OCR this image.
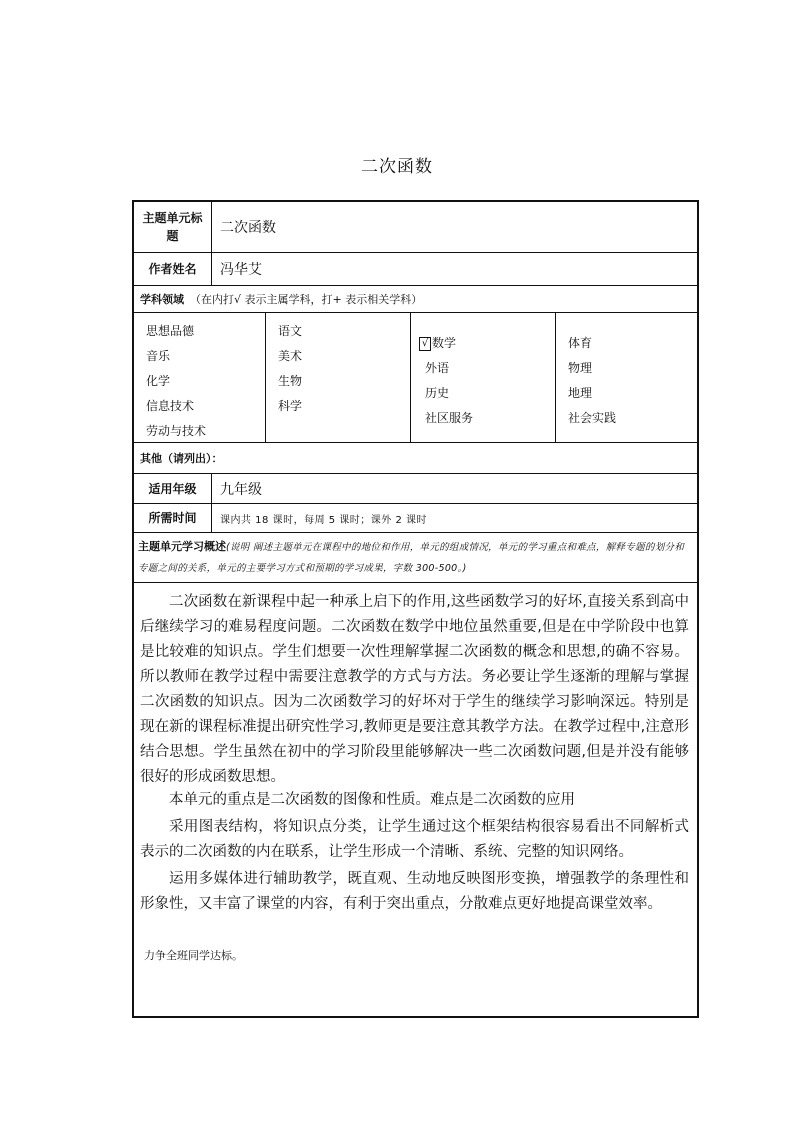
二次函数
主题单元标题	二次函数
作者姓名	冯华艾
学科领域 （在内打√ 表示主属学科，打+ 表示相关学科）
思想品德
音乐
化学
信息技术
劳动与技术
语文
美术
生物
科学
√ 数学
外语
历史
社区服务
体育
物理
地理
社会实践
其他（请列出）：
适用年级	九年级
所需时间	课内共 18 课时，每周 5 课时；课外 2 课时
主题单元学习概述(说明 阐述主题单元在课程中的地位和作用，单元的组成情况，单元的学习重点和难点，解释专题的划分和专题之间的关系，单元的主要学习方式和预期的学习成果，字数 300-500。)

二次函数在新课程中起一种承上启下的作用,这些函数学习的好坏,直接关系到高中后继续学习的难易程度问题。二次函数在数学中地位虽然重要,但是在中学阶段中也算是比较难的知识点。学生们想要一次性理解掌握二次函数的概念和思想,的确不容易。所以教师在教学过程中需要注意教学的方式与方法。务必要让学生逐渐的理解与掌握二次函数的知识点。因为二次函数学习的好坏对于学生的继续学习影响深远。特别是现在新的课程标准提出研究性学习,教师更是要注意其教学方法。在教学过程中,注意形结合思想。学生虽然在初中的学习阶段里能够解决一些二次函数问题,但是并没有能够很好的形成函数思想。

本单元的重点是二次函数的图像和性质。难点是二次函数的应用

采用图表结构，将知识点分类，让学生通过这个框架结构很容易看出不同解析式表示的二次函数的内在联系，让学生形成一个清晰、系统、完整的知识网络。

运用多媒体进行辅助教学，既直观、生动地反映图形变换，增强教学的条理性和形象性，又丰富了课堂的内容，有利于突出重点，分散难点更好地提高课堂效率。

力争全班同学达标。
